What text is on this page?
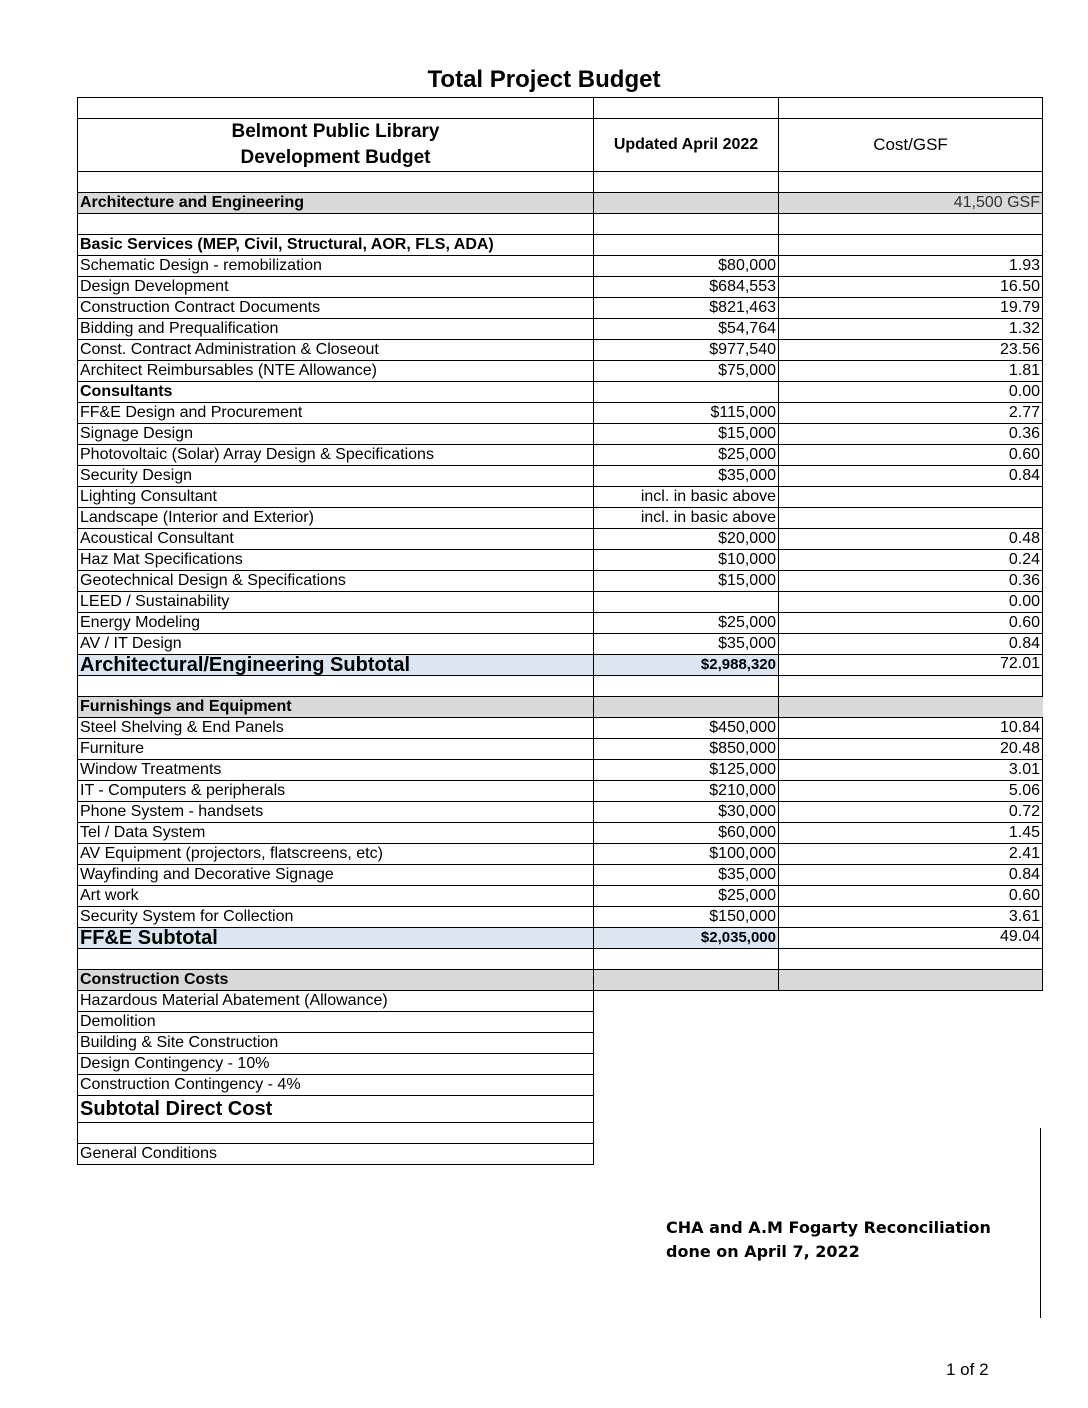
Total Project Budget

Belmont Public Library
Development Budget	Updated April 2022	Cost/GSF

Architecture and Engineering		41,500 GSF

Basic Services (MEP, Civil, Structural, AOR, FLS, ADA)		
Schematic Design - remobilization	$80,000	1.93
Design Development	$684,553	16.50
Construction Contract Documents	$821,463	19.79
Bidding and Prequalification	$54,764	1.32
Const. Contract Administration & Closeout	$977,540	23.56
Architect Reimbursables (NTE Allowance)	$75,000	1.81
Consultants		0.00
FF&E Design and Procurement	$115,000	2.77
Signage Design	$15,000	0.36
Photovoltaic (Solar) Array Design & Specifications	$25,000	0.60
Security Design	$35,000	0.84
Lighting Consultant	incl. in basic above	
Landscape (Interior and Exterior)	incl. in basic above	
Acoustical Consultant	$20,000	0.48
Haz Mat Specifications	$10,000	0.24
Geotechnical Design & Specifications	$15,000	0.36
LEED / Sustainability		0.00
Energy Modeling	$25,000	0.60
AV / IT Design	$35,000	0.84
Architectural/Engineering Subtotal	$2,988,320	72.01

Furnishings and Equipment		
Steel Shelving & End Panels	$450,000	10.84
Furniture	$850,000	20.48
Window Treatments	$125,000	3.01
IT - Computers & peripherals	$210,000	5.06
Phone System - handsets	$30,000	0.72
Tel / Data System	$60,000	1.45
AV Equipment (projectors, flatscreens, etc)	$100,000	2.41
Wayfinding and Decorative Signage	$35,000	0.84
Art work	$25,000	0.60
Security System for Collection	$150,000	3.61
FF&E Subtotal	$2,035,000	49.04

Construction Costs		
Hazardous Material Abatement (Allowance)		
Demolition		
Building & Site Construction		
Design Contingency - 10%		
Construction Contingency - 4%		
Subtotal Direct Cost		

General Conditions		
CHA and A.M Fogarty Reconciliation
done on April 7, 2022
1 of 2
